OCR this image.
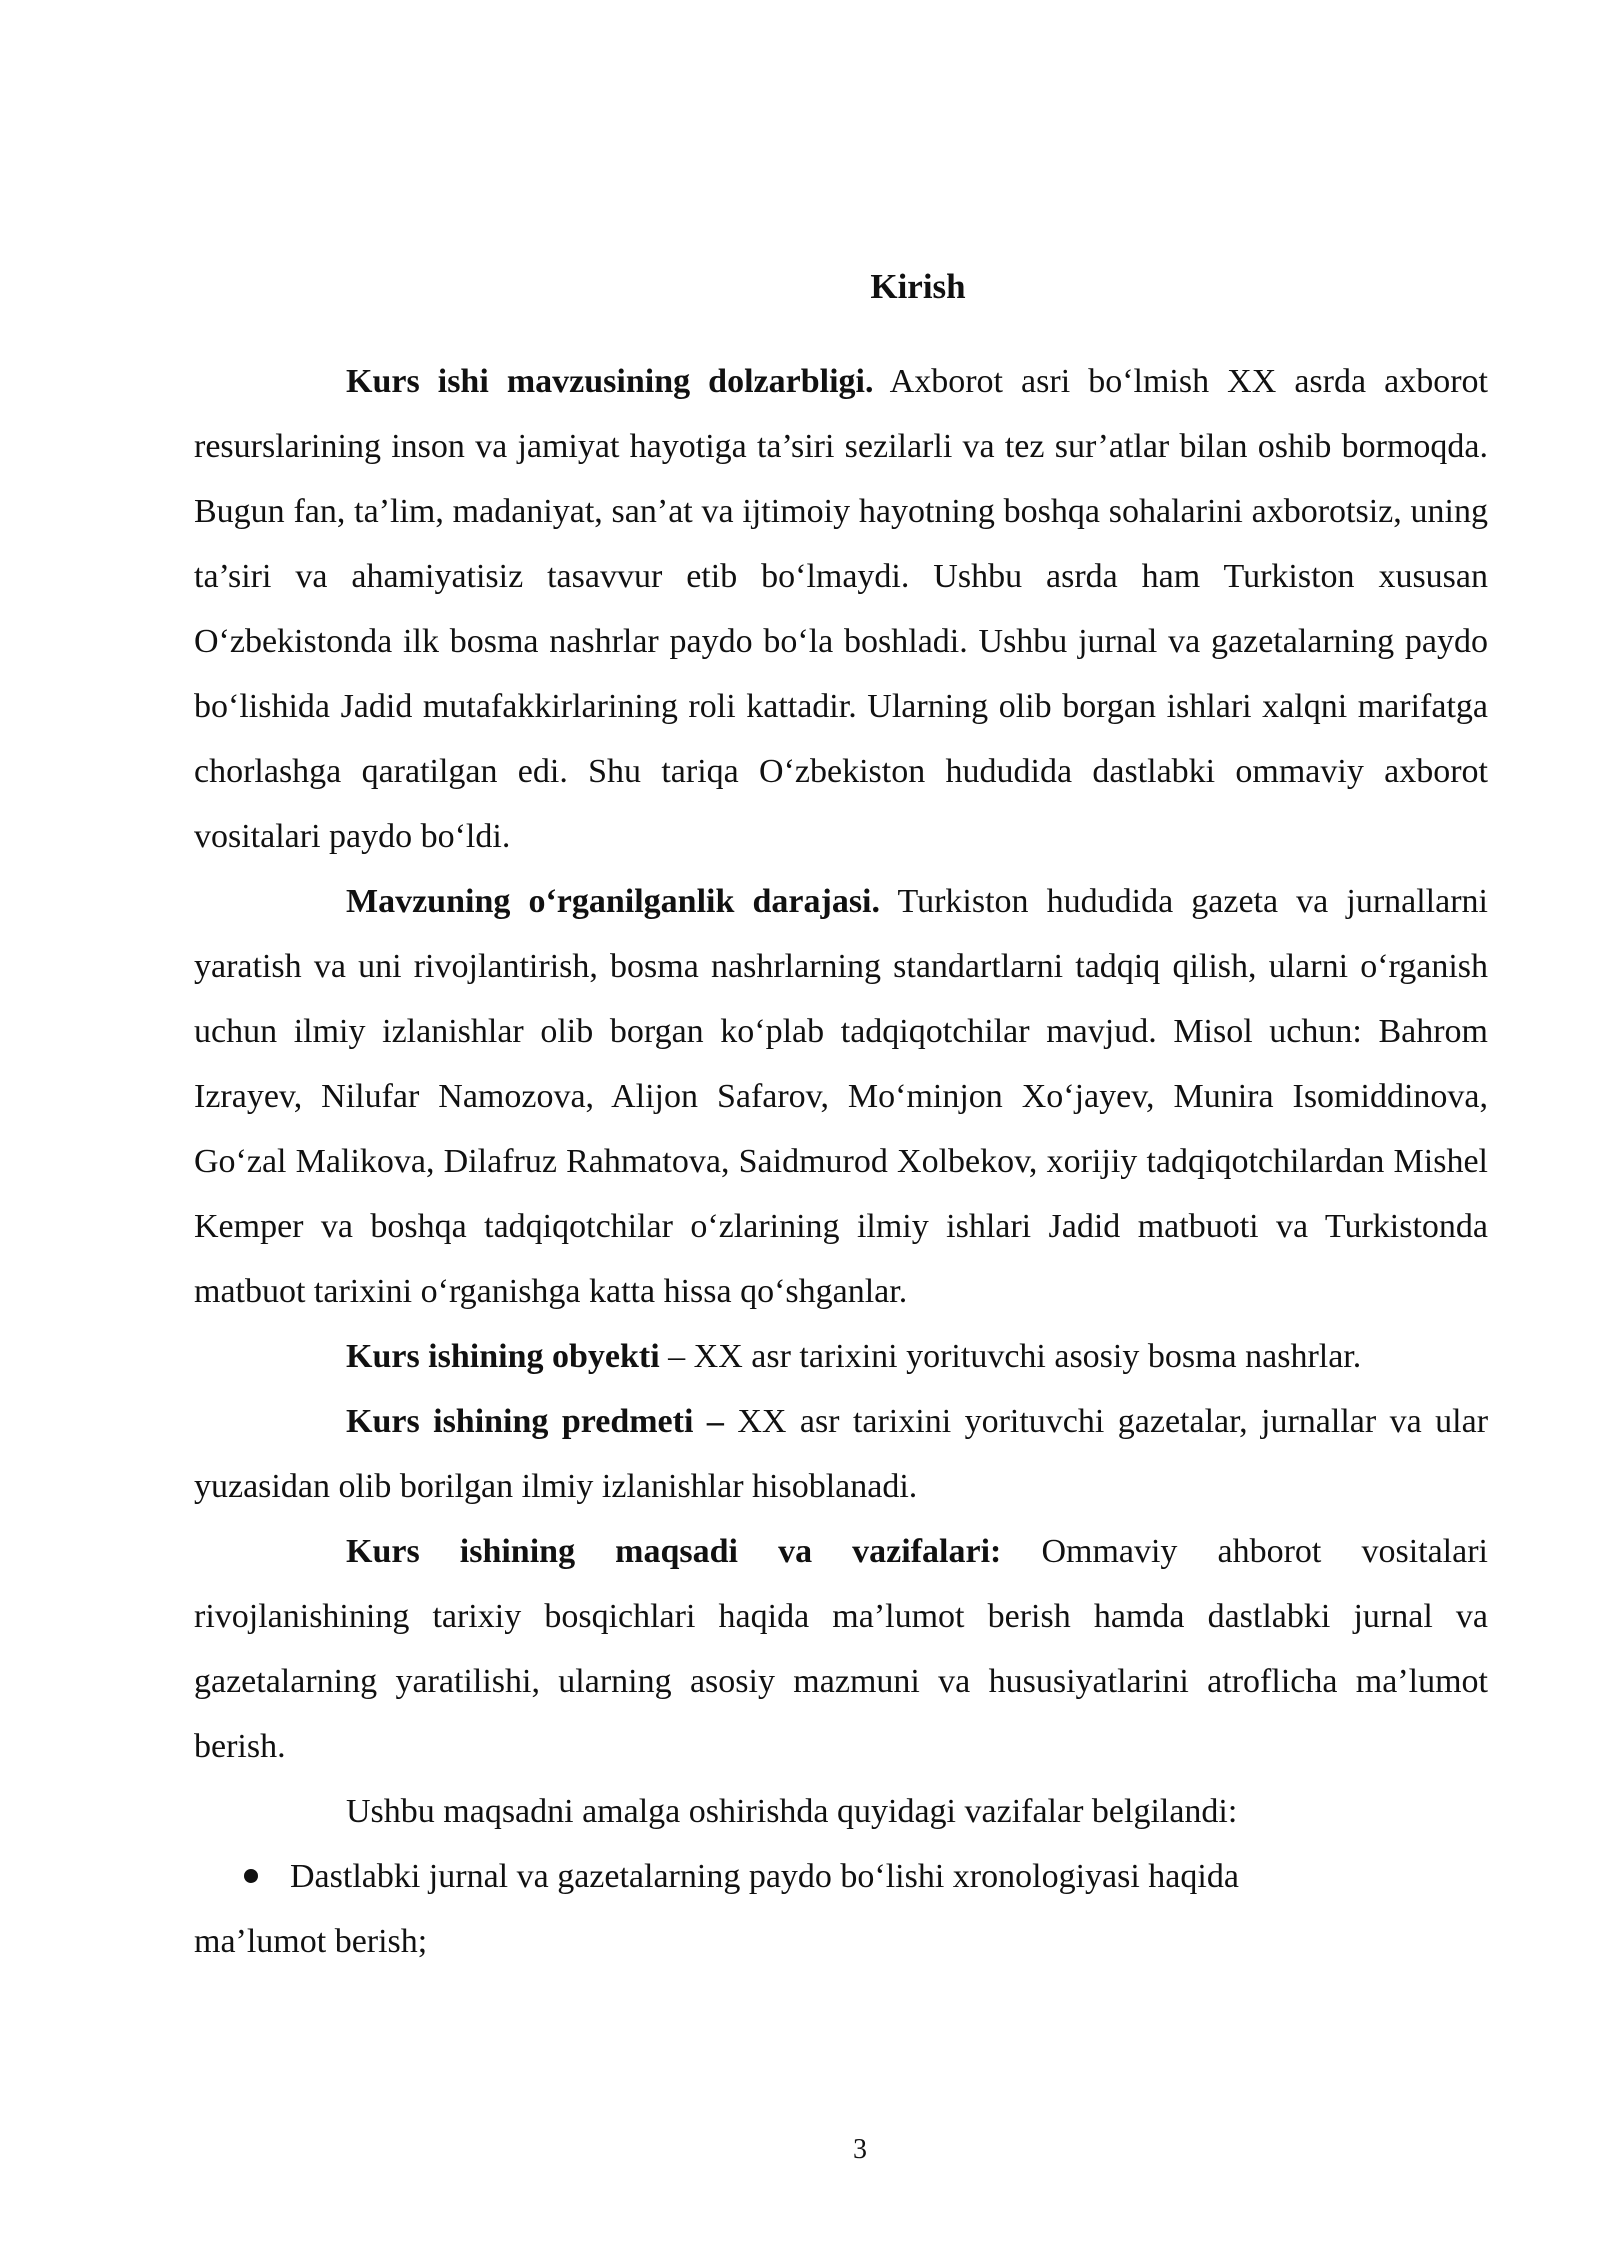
Kirish

Kurs ishi mavzusining dolzarbligi. Axborot asri bo‘lmish XX asrda axborot resurslarining inson va jamiyat hayotiga ta’siri sezilarli va tez sur’atlar bilan oshib bormoqda. Bugun fan, ta’lim, madaniyat, san’at va ijtimoiy hayotning boshqa sohalarini axborotsiz, uning ta’siri va ahamiyatisiz tasavvur etib bo‘lmaydi. Ushbu asrda ham Turkiston xususan O‘zbekistonda ilk bosma nashrlar paydo bo‘la boshladi. Ushbu jurnal va gazetalarning paydo bo‘lishida Jadid mutafakkirlarining roli kattadir. Ularning olib borgan ishlari xalqni marifatga chorlashga qaratilgan edi. Shu tariqa O‘zbekiston hududida dastlabki ommaviy axborot vositalari paydo bo‘ldi.

Mavzuning o‘rganilganlik darajasi. Turkiston hududida gazeta va jurnallarni yaratish va uni rivojlantirish, bosma nashrlarning standartlarni tadqiq qilish, ularni o‘rganish uchun ilmiy izlanishlar olib borgan ko‘plab tadqiqotchilar mavjud. Misol uchun: Bahrom Izrayev, Nilufar Namozova, Alijon Safarov, Mo‘minjon Xo‘jayev, Munira Isomiddinova, Go‘zal Malikova, Dilafruz Rahmatova, Saidmurod Xolbekov, xorijiy tadqiqotchilardan Mishel Kemper va boshqa tadqiqotchilar o‘zlarining ilmiy ishlari Jadid matbuoti va Turkistonda matbuot tarixini o‘rganishga katta hissa qo‘shganlar.

Kurs ishining obyekti – XX asr tarixini yorituvchi asosiy bosma nashrlar.

Kurs ishining predmeti – XX asr tarixini yorituvchi gazetalar, jurnallar va ular yuzasidan olib borilgan ilmiy izlanishlar hisoblanadi.

Kurs ishining maqsadi va vazifalari: Ommaviy ahborot vositalari rivojlanishining tarixiy bosqichlari haqida ma’lumot berish hamda dastlabki jurnal va gazetalarning yaratilishi, ularning asosiy mazmuni va hususiyatlarini atroflicha ma’lumot berish.

Ushbu maqsadni amalga oshirishda quyidagi vazifalar belgilandi:

Dastlabki jurnal va gazetalarning paydo bo‘lishi xronologiyasi haqida
ma’lumot berish;

3
